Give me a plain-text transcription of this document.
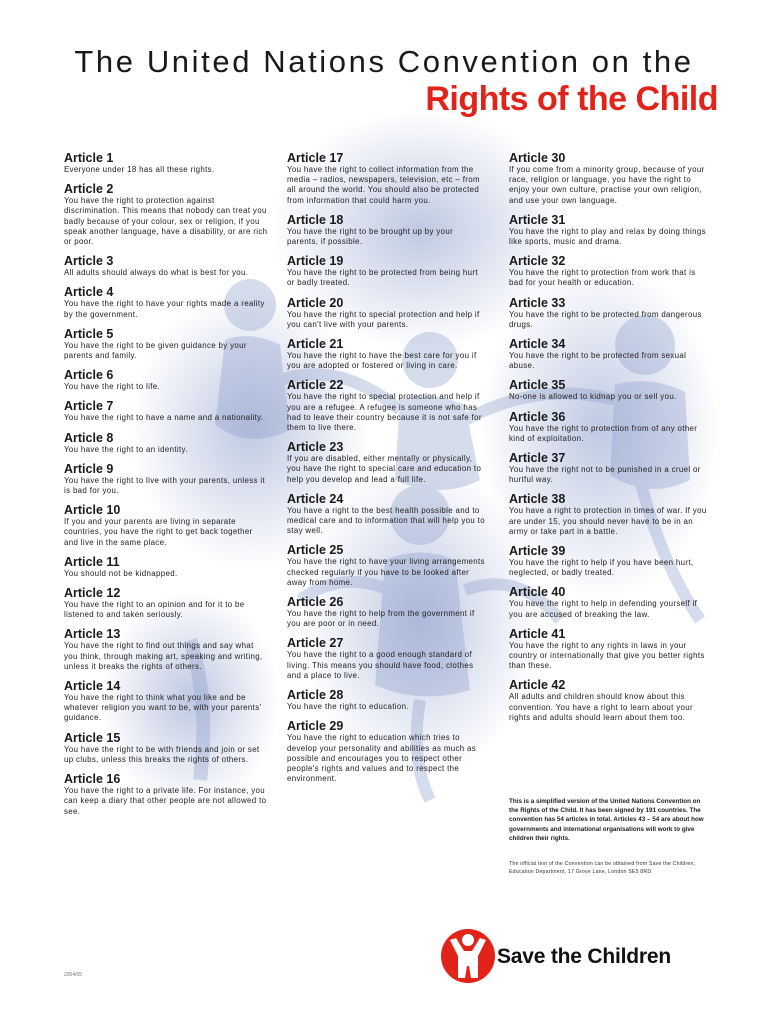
The United Nations Convention on the
Rights of the Child
Article 1

Everyone under 18 has all these rights.

Article 2

You have the right to protection against discrimination. This means that nobody can treat you badly because of your colour, sex or religion, if you speak another language, have a disability, or are rich or poor.

Article 3

All adults should always do what is best for you.

Article 4

You have the right to have your rights made a reality by the government.

Article 5

You have the right to be given guidance by your parents and family.

Article 6

You have the right to life.

Article 7

You have the right to have a name and a nationality.

Article 8

You have the right to an identity.

Article 9

You have the right to live with your parents, unless it is bad for you.

Article 10

If you and your parents are living in separate countries, you have the right to get back together and live in the same place.

Article 11

You should not be kidnapped.

Article 12

You have the right to an opinion and for it to be listened to and taken seriously.

Article 13

You have the right to find out things and say what you think, through making art, speaking and writing, unless it breaks the rights of others.

Article 14

You have the right to think what you like and be whatever religion you want to be, with your parents' guidance.

Article 15

You have the right to be with friends and join or set up clubs, unless this breaks the rights of others.

Article 16

You have the right to a private life. For instance, you can keep a diary that other people are not allowed to see.

Article 17

You have the right to collect information from the media – radios, newspapers, television, etc – from all around the world. You should also be protected from information that could harm you.

Article 18

You have the right to be brought up by your parents, if possible.

Article 19

You have the right to be protected from being hurt or badly treated.

Article 20

You have the right to special protection and help if you can't live with your parents.

Article 21

You have the right to have the best care for you if you are adopted or fostered or living in care.

Article 22

You have the right to special protection and help if you are a refugee. A refugee is someone who has had to leave their country because it is not safe for them to live there.

Article 23

If you are disabled, either mentally or physically, you have the right to special care and education to help you develop and lead a full life.

Article 24

You have a right to the best health possible and to medical care and to information that will help you to stay well.

Article 25

You have the right to have your living arrangements checked regularly if you have to be looked after away from home.

Article 26

You have the right to help from the government if you are poor or in need.

Article 27

You have the right to a good enough standard of living. This means you should have food, clothes and a place to live.

Article 28

You have the right to education.

Article 29

You have the right to education which tries to develop your personality and abilities as much as possible and encourages you to respect other people's rights and values and to respect the environment.

Article 30

If you come from a minority group, because of your race, religion or language, you have the right to enjoy your own culture, practise your own religion, and use your own language.

Article 31

You have the right to play and relax by doing things like sports, music and drama.

Article 32

You have the right to protection from work that is bad for your health or education.

Article 33

You have the right to be protected from dangerous drugs.

Article 34

You have the right to be protected from sexual abuse.

Article 35

No-one is allowed to kidnap you or sell you.

Article 36

You have the right to protection from of any other kind of exploitation.

Article 37

You have the right not to be punished in a cruel or hurtful way.

Article 38

You have a right to protection in times of war. If you are under 15, you should never have to be in an army or take part in a battle.

Article 39

You have the right to help if you have been hurt, neglected, or badly treated.

Article 40

You have the right to help in defending yourself if you are accused of breaking the law.

Article 41

You have the right to any rights in laws in your country or internationally that give you better rights than these.

Article 42

All adults and children should know about this convention. You have a right to learn about your rights and adults should learn about them too.

This is a simplified version of the United Nations Convention on the Rights of the Child. It has been signed by 191 countries. The convention has 54 articles in total. Articles 43 – 54 are about how governments and international organisations will work to give children their rights.
The official text of the Convention can be obtained from Save the Children, Education Department, 17 Grove Lane, London SE5 8RD.
Save the Children
2004/05
